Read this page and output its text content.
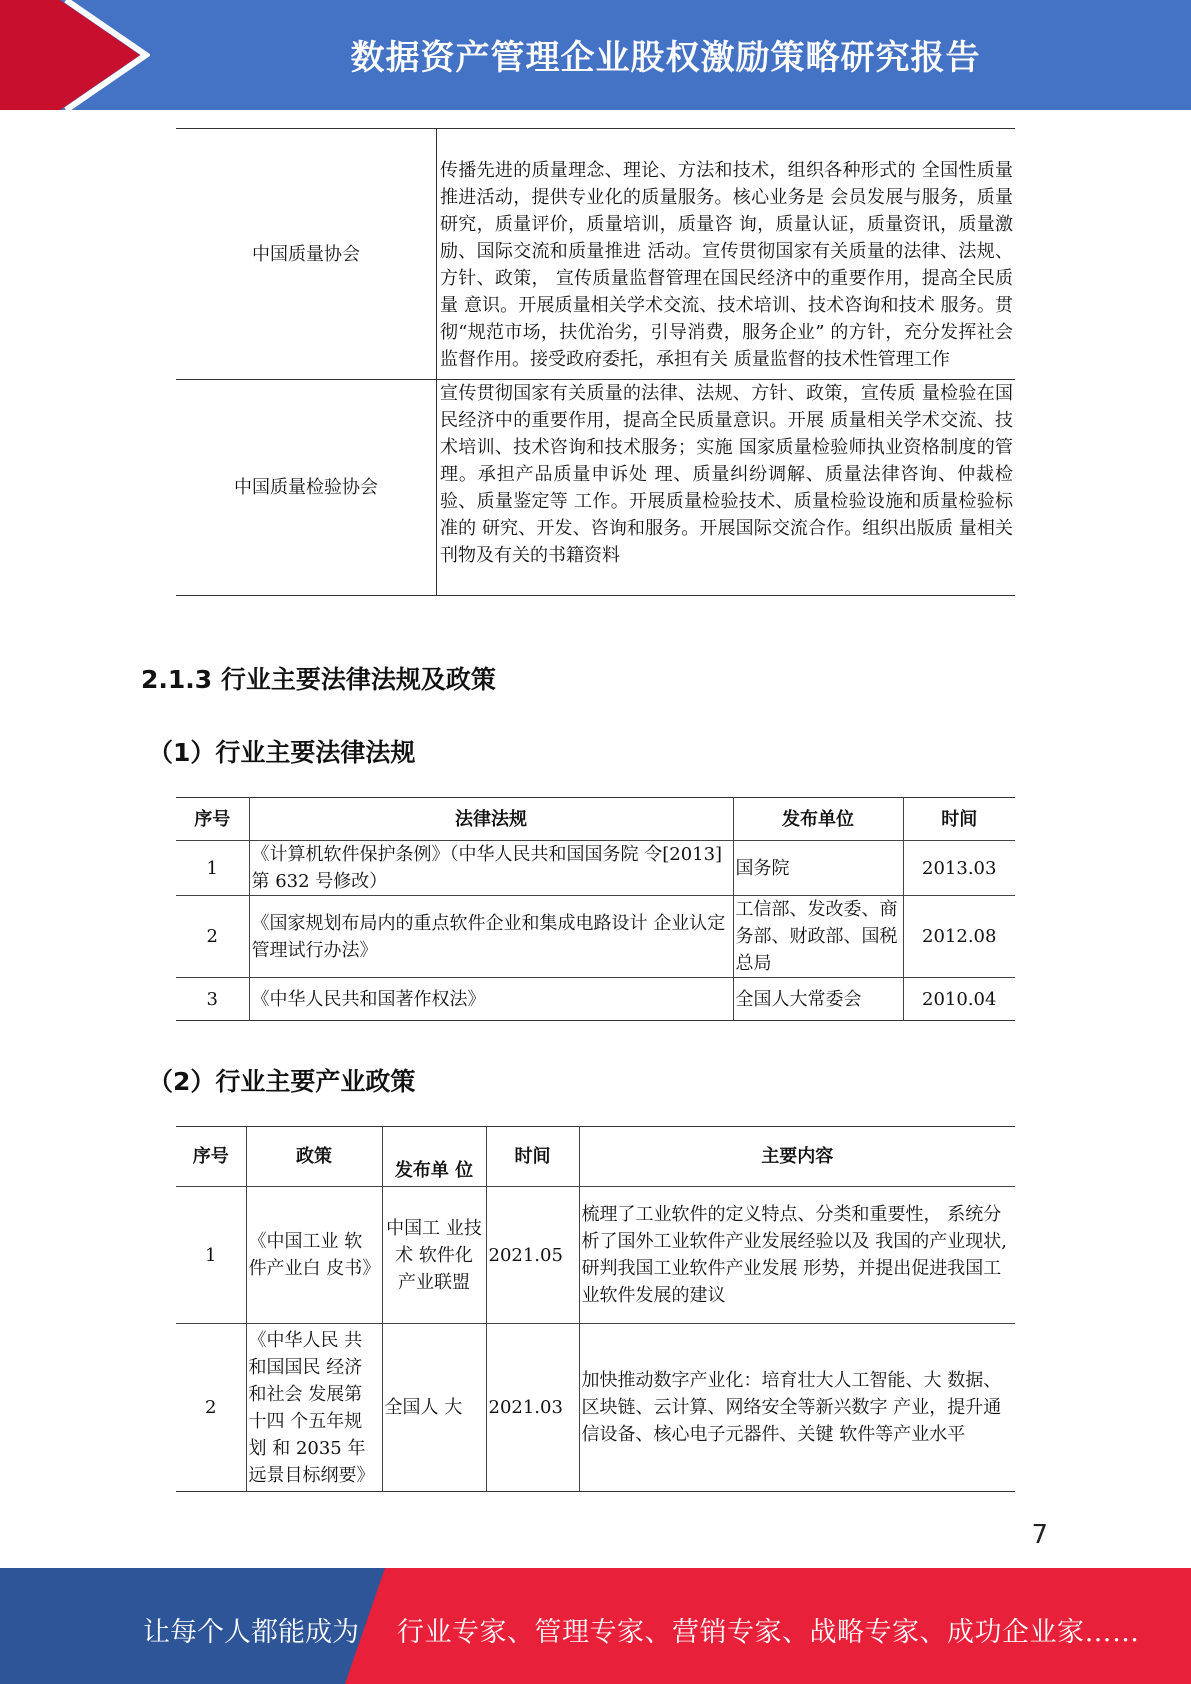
数据资产管理企业股权激励策略研究报告
中国质量协会	传播先进的质量理念、理论、方法和技术，组织各种形式的 全国性质量推进活动，提供专业化的质量服务。核心业务是 会员发展与服务，质量研究，质量评价，质量培训，质量咨 询，质量认证，质量资讯，质量激励、国际交流和质量推进 活动。宣传贯彻国家有关质量的法律、法规、方针、政策， 宣传质量监督管理在国民经济中的重要作用，提高全民质量 意识。开展质量相关学术交流、技术培训、技术咨询和技术 服务。贯彻“规范市场，扶优治劣，引导消费，服务企业” 的方针，充分发挥社会监督作用。接受政府委托，承担有关 质量监督的技术性管理工作
中国质量检验协会	宣传贯彻国家有关质量的法律、法规、方针、政策，宣传质 量检验在国民经济中的重要作用，提高全民质量意识。开展 质量相关学术交流、技术培训、技术咨询和技术服务；实施 国家质量检验师执业资格制度的管理。承担产品质量申诉处 理、质量纠纷调解、质量法律咨询、仲裁检验、质量鉴定等 工作。开展质量检验技术、质量检验设施和质量检验标准的 研究、开发、咨询和服务。开展国际交流合作。组织出版质 量相关刊物及有关的书籍资料
2.1.3 行业主要法律法规及政策
（1）行业主要法律法规
序号	法律法规	发布单位	时间
1	《计算机软件保护条例》（中华人民共和国国务院 令[2013]第 632 号修改）	国务院	2013.03
2	《国家规划布局内的重点软件企业和集成电路设计 企业认定管理试行办法》	工信部、发改委、商务部、财政部、国税总局	2012.08
3	《中华人民共和国著作权法》	全国人大常委会	2010.04
（2）行业主要产业政策
序号	政策	发布单 位	时间	主要内容
1	《中国工业 软件产业白 皮书》	中国工 业技术 软件化 产业联盟	2021.05	梳理了工业软件的定义特点、分类和重要性， 系统分析了国外工业软件产业发展经验以及 我国的产业现状,研判我国工业软件产业发展 形势，并提出促进我国工业软件发展的建议
2	《中华人民 共和国国民 经济和社会 发展第十四 个五年规划 和 2035 年远景目标纲要》	全国人 大	2021.03	加快推动数字产业化：培育壮大人工智能、大 数据、区块链、云计算、网络安全等新兴数字 产业，提升通信设备、核心电子元器件、关键 软件等产业水平
7
让每个人都能成为 行业专家、管理专家、营销专家、战略专家、成功企业家……
